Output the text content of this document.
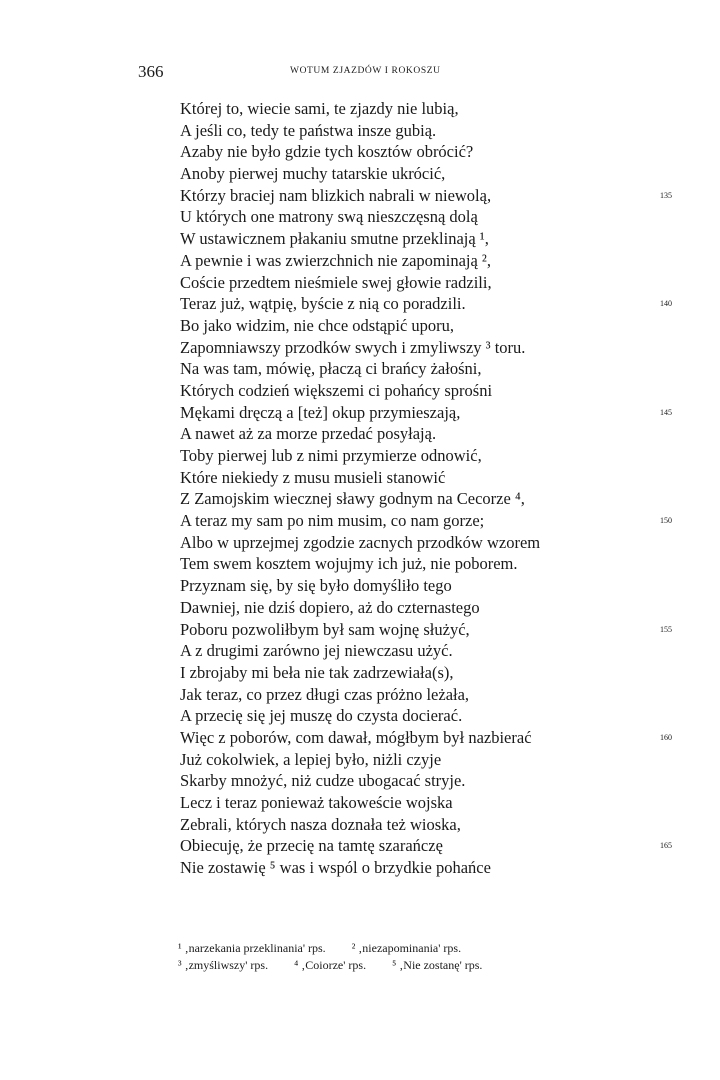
366	WOTUM ZJAZDÓW I ROKOSZU
Której to, wiecie sami, te zjazdy nie lubią,
A jeśli co, tedy te państwa insze gubią.
Azaby nie było gdzie tych kosztów obrócić?
Anoby pierwej muchy tatarskie ukrócić,
Którzy braciej nam blizkich nabrali w niewolą,	135
U których one matrony swą nieszczęsną dolą
W ustawicznem płakaniu smutne przeklinają ¹,
A pewnie i was zwierzchnich nie zapominają ²,
Coście przedtem nieśmiele swej głowie radzili,
Teraz już, wątpię, byście z nią co poradzili.	140
Bo jako widzim, nie chce odstąpić uporu,
Zapomniawszy przodków swych i zmyliwszy ³ toru.
Na was tam, mówię, płaczą ci brańcy żałośni,
Których codzień większemi ci pohańcy sprośni
Mękami dręczą a [też] okup przymieszają,	145
A nawet aż za morze przedać posyłają.
Toby pierwej lub z nimi przymierze odnowić,
Które niekiedy z musu musieli stanowić
Z Zamojskim wiecznej sławy godnym na Cecorze ⁴,
A teraz my sam po nim musim, co nam gorze;	150
Albo w uprzejmej zgodzie zacnych przodków wzorem
Tem swem kosztem wojujmy ich już, nie poborem.
Przyznam się, by się było domyśliło tego
Dawniej, nie dziś dopiero, aż do czternastego
Poboru pozwoliłbym był sam wojnę służyć,	155
A z drugimi zarówno jej niewczasu użyć.
I zbrojaby mi beła nie tak zadrzewiała(s),
Jak teraz, co przez długi czas próżno leżała,
A przecię się jej muszę do czysta docierać.
Więc z poborów, com dawał, mógłbym był nazbierać	160
Już cokolwiek, a lepiej było, niżli czyje
Skarby mnożyć, niż cudze ubogacać stryje.
Lecz i teraz ponieważ takoweście wojska
Zebrali, których nasza doznała też wioska,
Obiecuję, że przecię na tamtę szarańczę	165
Nie zostawię ⁵ was i wspól o brzydkie pohańce
¹ ‚narzekania przeklinania' rps. ² ‚niezapominania' rps.
³ ‚zmyśliwszy' rps. ⁴ ‚Coiorze' rps. ⁵ ‚Nie zostanę' rps.
